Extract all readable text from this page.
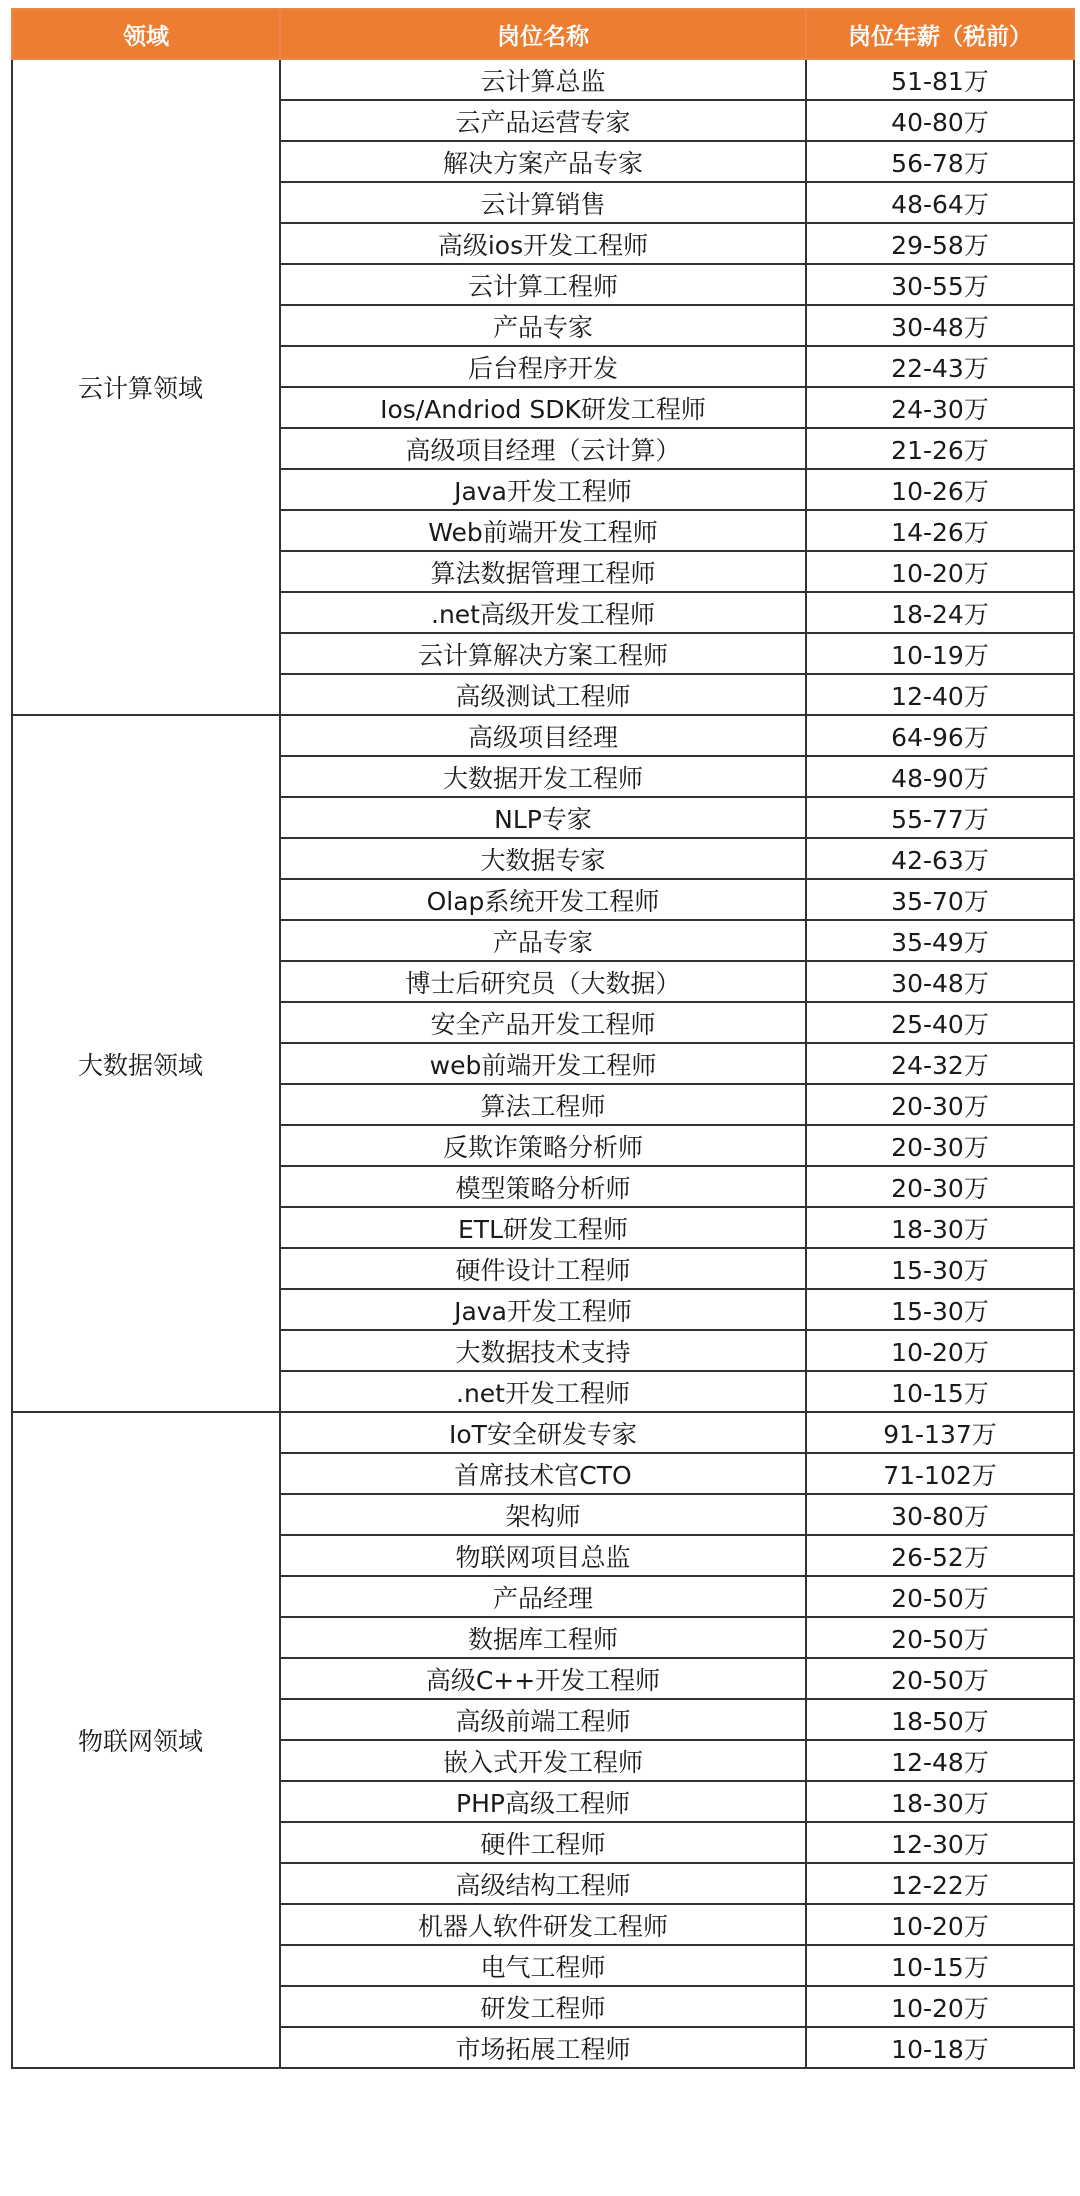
领域	岗位名称	岗位年薪（税前）
云计算领域	云计算总监	51-81万
	云产品运营专家	40-80万
	解决方案产品专家	56-78万
	云计算销售	48-64万
	高级ios开发工程师	29-58万
	云计算工程师	30-55万
	产品专家	30-48万
	后台程序开发	22-43万
	Ios/Andriod SDK研发工程师	24-30万
	高级项目经理（云计算）	21-26万
	Java开发工程师	10-26万
	Web前端开发工程师	14-26万
	算法数据管理工程师	10-20万
	.net高级开发工程师	18-24万
	云计算解决方案工程师	10-19万
	高级测试工程师	12-40万
大数据领域	高级项目经理	64-96万
	大数据开发工程师	48-90万
	NLP专家	55-77万
	大数据专家	42-63万
	Olap系统开发工程师	35-70万
	产品专家	35-49万
	博士后研究员（大数据）	30-48万
	安全产品开发工程师	25-40万
	web前端开发工程师	24-32万
	算法工程师	20-30万
	反欺诈策略分析师	20-30万
	模型策略分析师	20-30万
	ETL研发工程师	18-30万
	硬件设计工程师	15-30万
	Java开发工程师	15-30万
	大数据技术支持	10-20万
	.net开发工程师	10-15万
物联网领域	IoT安全研发专家	91-137万
	首席技术官CTO	71-102万
	架构师	30-80万
	物联网项目总监	26-52万
	产品经理	20-50万
	数据库工程师	20-50万
	高级C++开发工程师	20-50万
	高级前端工程师	18-50万
	嵌入式开发工程师	12-48万
	PHP高级工程师	18-30万
	硬件工程师	12-30万
	高级结构工程师	12-22万
	机器人软件研发工程师	10-20万
	电气工程师	10-15万
	研发工程师	10-20万
	市场拓展工程师	10-18万
